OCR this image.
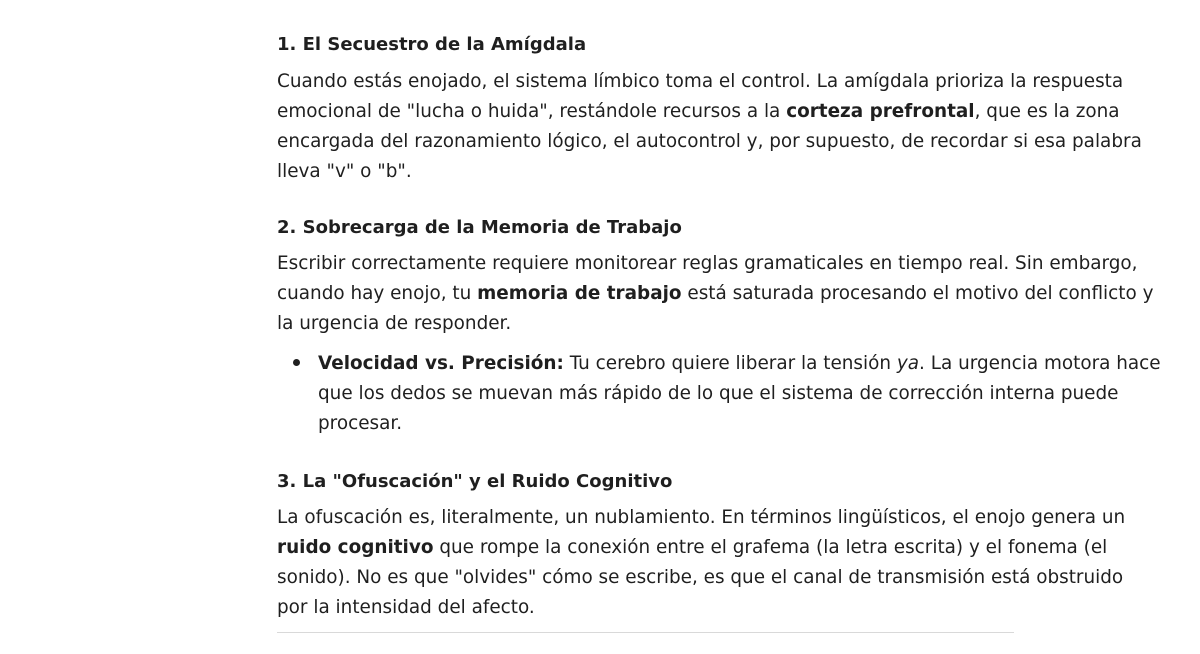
1. El Secuestro de la Amígdala

Cuando estás enojado, el sistema límbico toma el control. La amígdala prioriza la respuesta
emocional de "lucha o huida", restándole recursos a la corteza prefrontal, que es la zona
encargada del razonamiento lógico, el autocontrol y, por supuesto, de recordar si esa palabra
lleva "v" o "b".

2. Sobrecarga de la Memoria de Trabajo

Escribir correctamente requiere monitorear reglas gramaticales en tiempo real. Sin embargo,
cuando hay enojo, tu memoria de trabajo está saturada procesando el motivo del conflicto y
la urgencia de responder.

Velocidad vs. Precisión: Tu cerebro quiere liberar la tensión ya. La urgencia motora hace
que los dedos se muevan más rápido de lo que el sistema de corrección interna puede
procesar.

3. La "Ofuscación" y el Ruido Cognitivo

La ofuscación es, literalmente, un nublamiento. En términos lingüísticos, el enojo genera un
ruido cognitivo que rompe la conexión entre el grafema (la letra escrita) y el fonema (el
sonido). No es que "olvides" cómo se escribe, es que el canal de transmisión está obstruido
por la intensidad del afecto.
